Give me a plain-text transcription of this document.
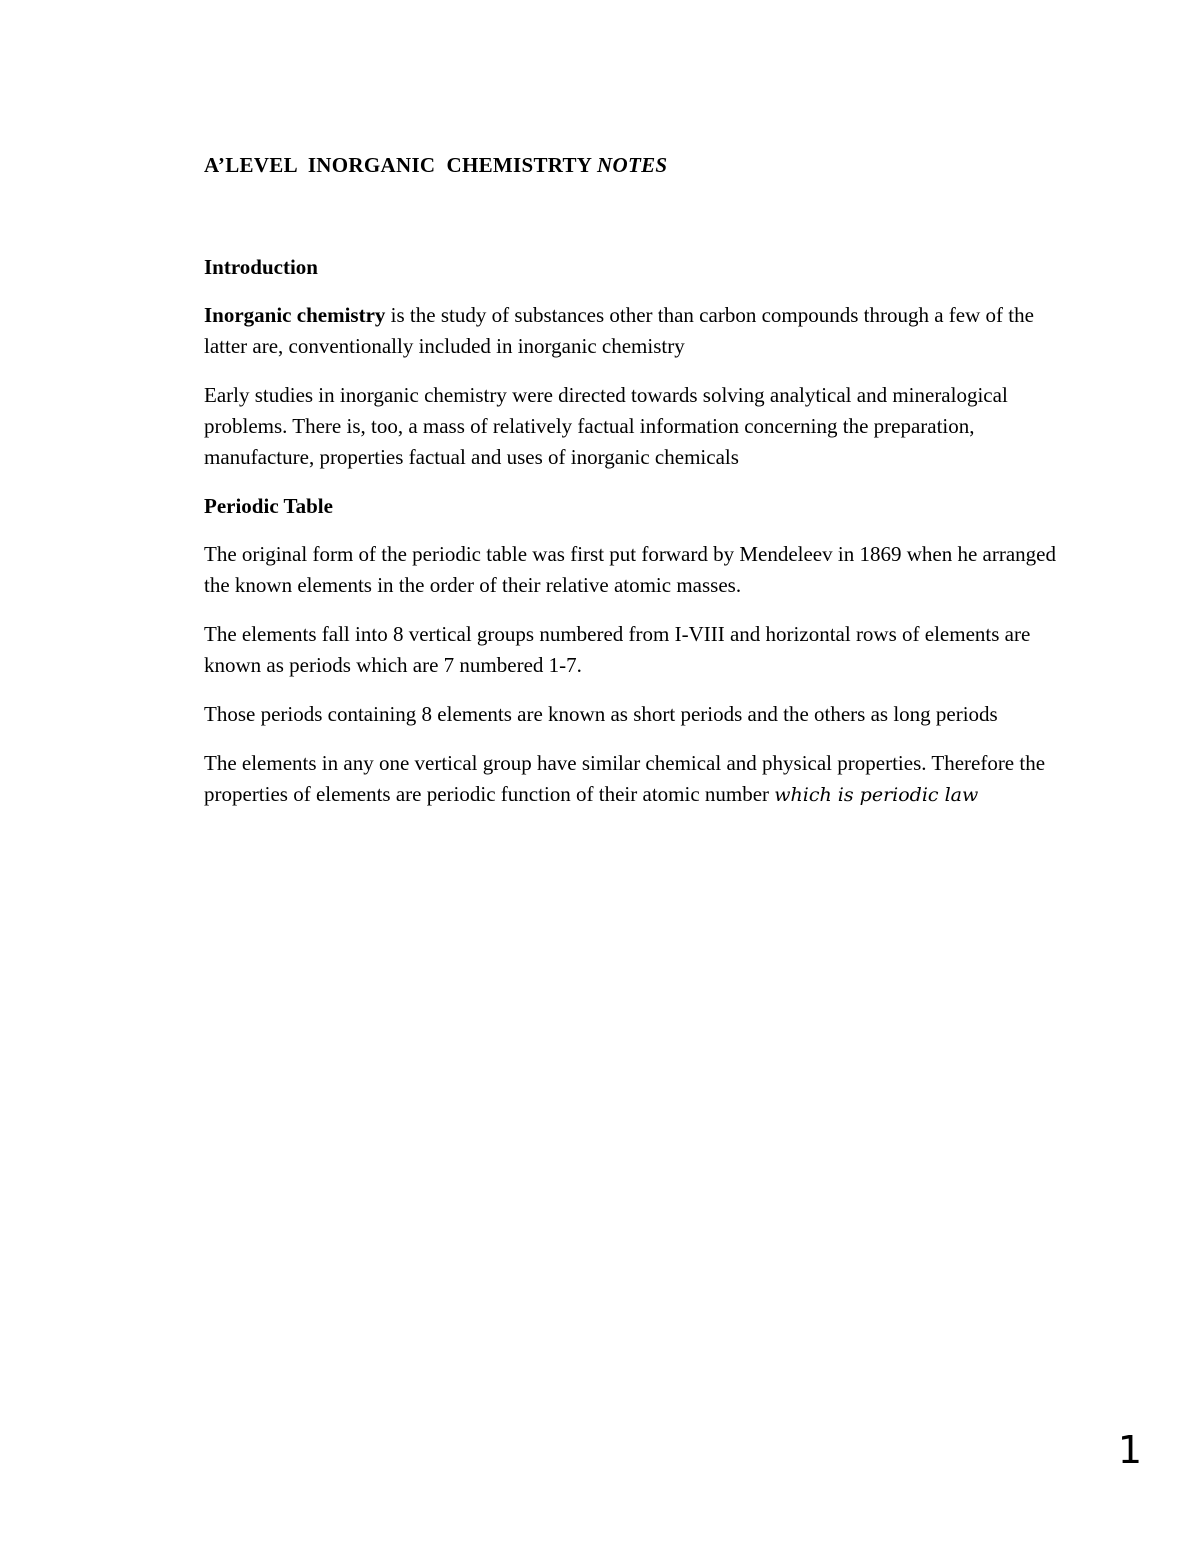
A’LEVEL  INORGANIC  CHEMISTRTY NOTES
Introduction

Inorganic chemistry is the study of substances other than carbon compounds through a few of the latter are, conventionally included in inorganic chemistry

Early studies in inorganic chemistry were directed towards solving analytical and mineralogical problems. There is, too, a mass of relatively factual information concerning the preparation, manufacture, properties factual and uses of inorganic chemicals

Periodic Table

The original form of the periodic table was first put forward by Mendeleev in 1869 when he arranged the known elements in the order of their relative atomic masses.

The elements fall into 8 vertical groups numbered from I-VIII and horizontal rows of elements are known as periods which are 7 numbered 1-7.

Those periods containing 8 elements are known as short periods and the others as long periods

The elements in any one vertical group have similar chemical and physical properties. Therefore the properties of elements are periodic function of their atomic number which is periodic law

1
